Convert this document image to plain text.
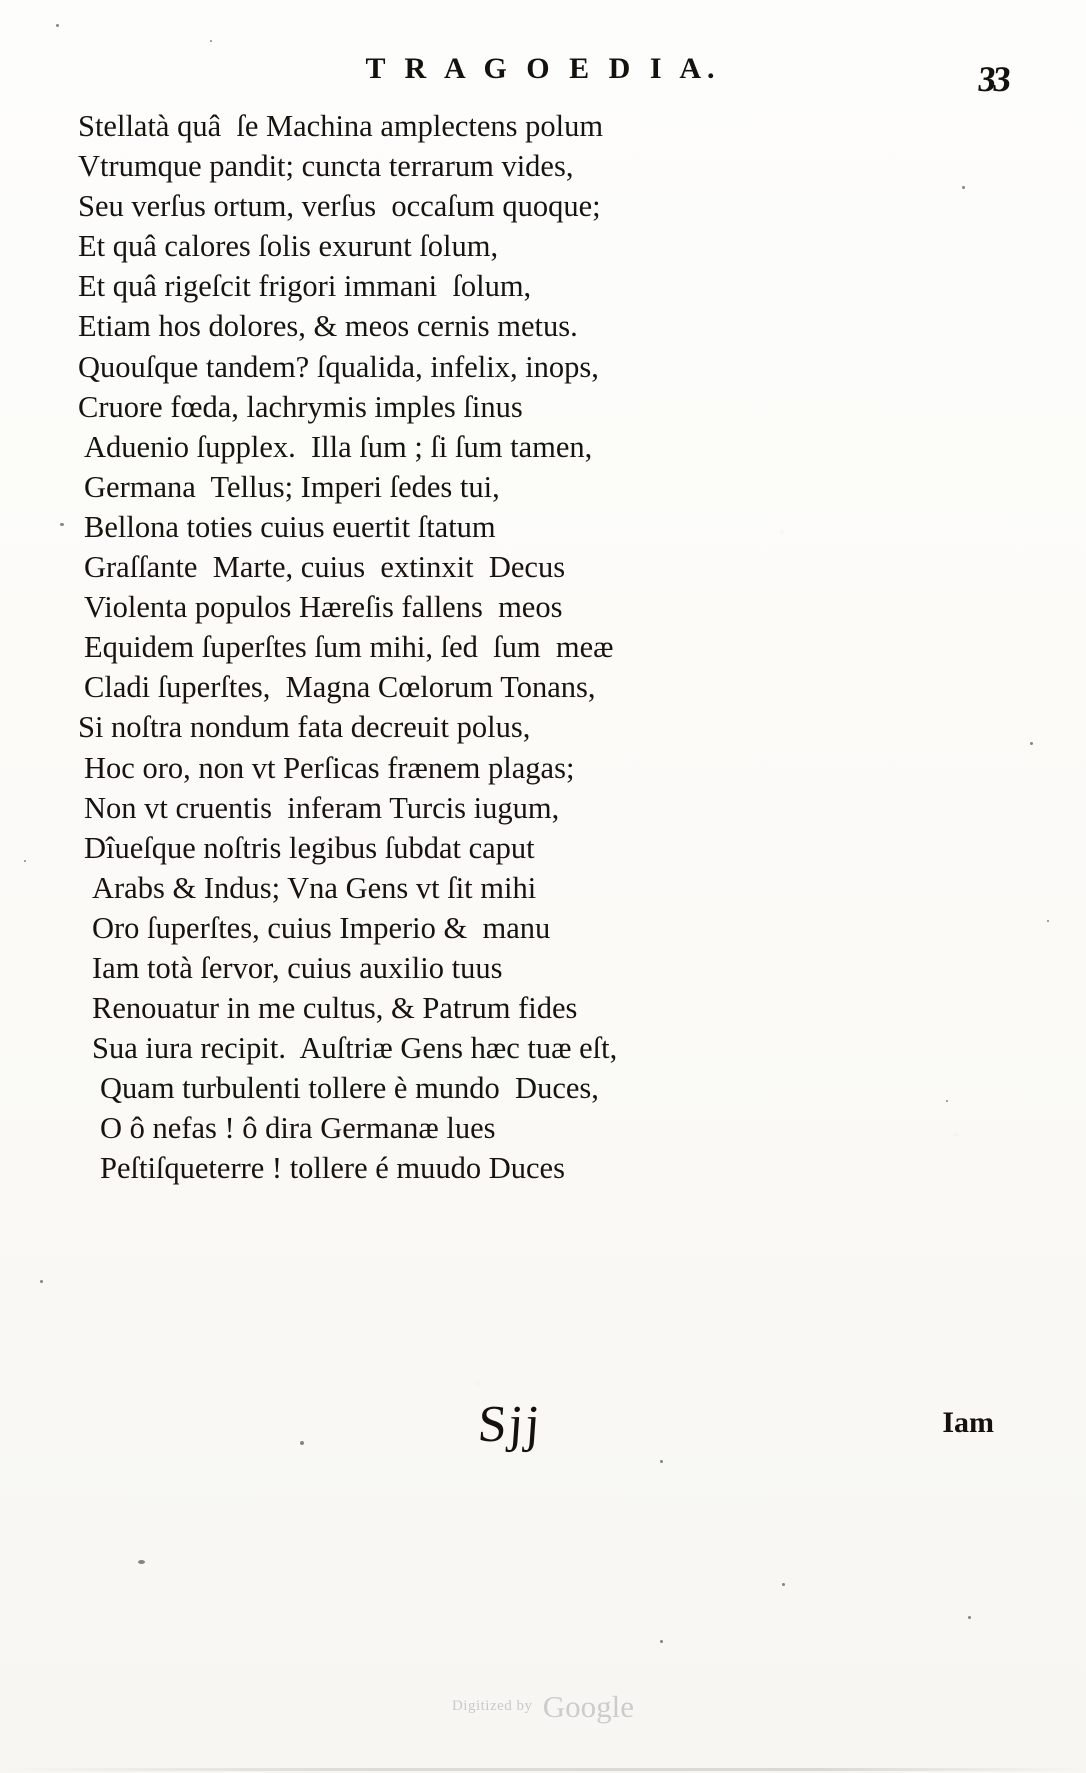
T R A G O E D I A.	33
Stellatà quâ  ſe Machina amplectens polum
Vtrumque pandit; cuncta terrarum vides,
Seu verſus ortum, verſus  occaſum quoque;
Et quâ calores ſolis exurunt ſolum,
Et quâ rigeſcit frigori immani  ſolum,
Etiam hos dolores, & meos cernis metus.
Quouſque tandem? ſqualida, infelix, inops,
Cruore fœda, lachrymis imples ſinus
Aduenio ſupplex.  Illa ſum ; ſi ſum tamen,
Germana  Tellus; Imperi ſedes tui,
Bellona toties cuius euertit ſtatum
Graſſante  Marte, cuius  extinxit  Decus
Violenta populos Hæreſis fallens  meos
Equidem ſuperſtes ſum mihi, ſed  ſum  meæ
Cladi ſuperſtes,  Magna Cœlorum Tonans,
Si noſtra nondum fata decreuit polus,
Hoc oro, non vt Perſicas frænem plagas;
Non vt cruentis  inferam Turcis iugum,
Dîueſque noſtris legibus ſubdat caput
Arabs & Indus; Vna Gens vt ſit mihi
Oro ſuperſtes, cuius Imperio &  manu
Iam totà ſervor, cuius auxilio tuus
Renouatur in me cultus, & Patrum fides
Sua iura recipit.  Auſtriæ Gens hæc tuæ eſt,
Quam turbulenti tollere è mundo  Duces,
O ô nefas ! ô dira Germanæ lues
Peſtiſqueterre ! tollere é muudo Duces
Sjj	Iam
Digitized by Google
